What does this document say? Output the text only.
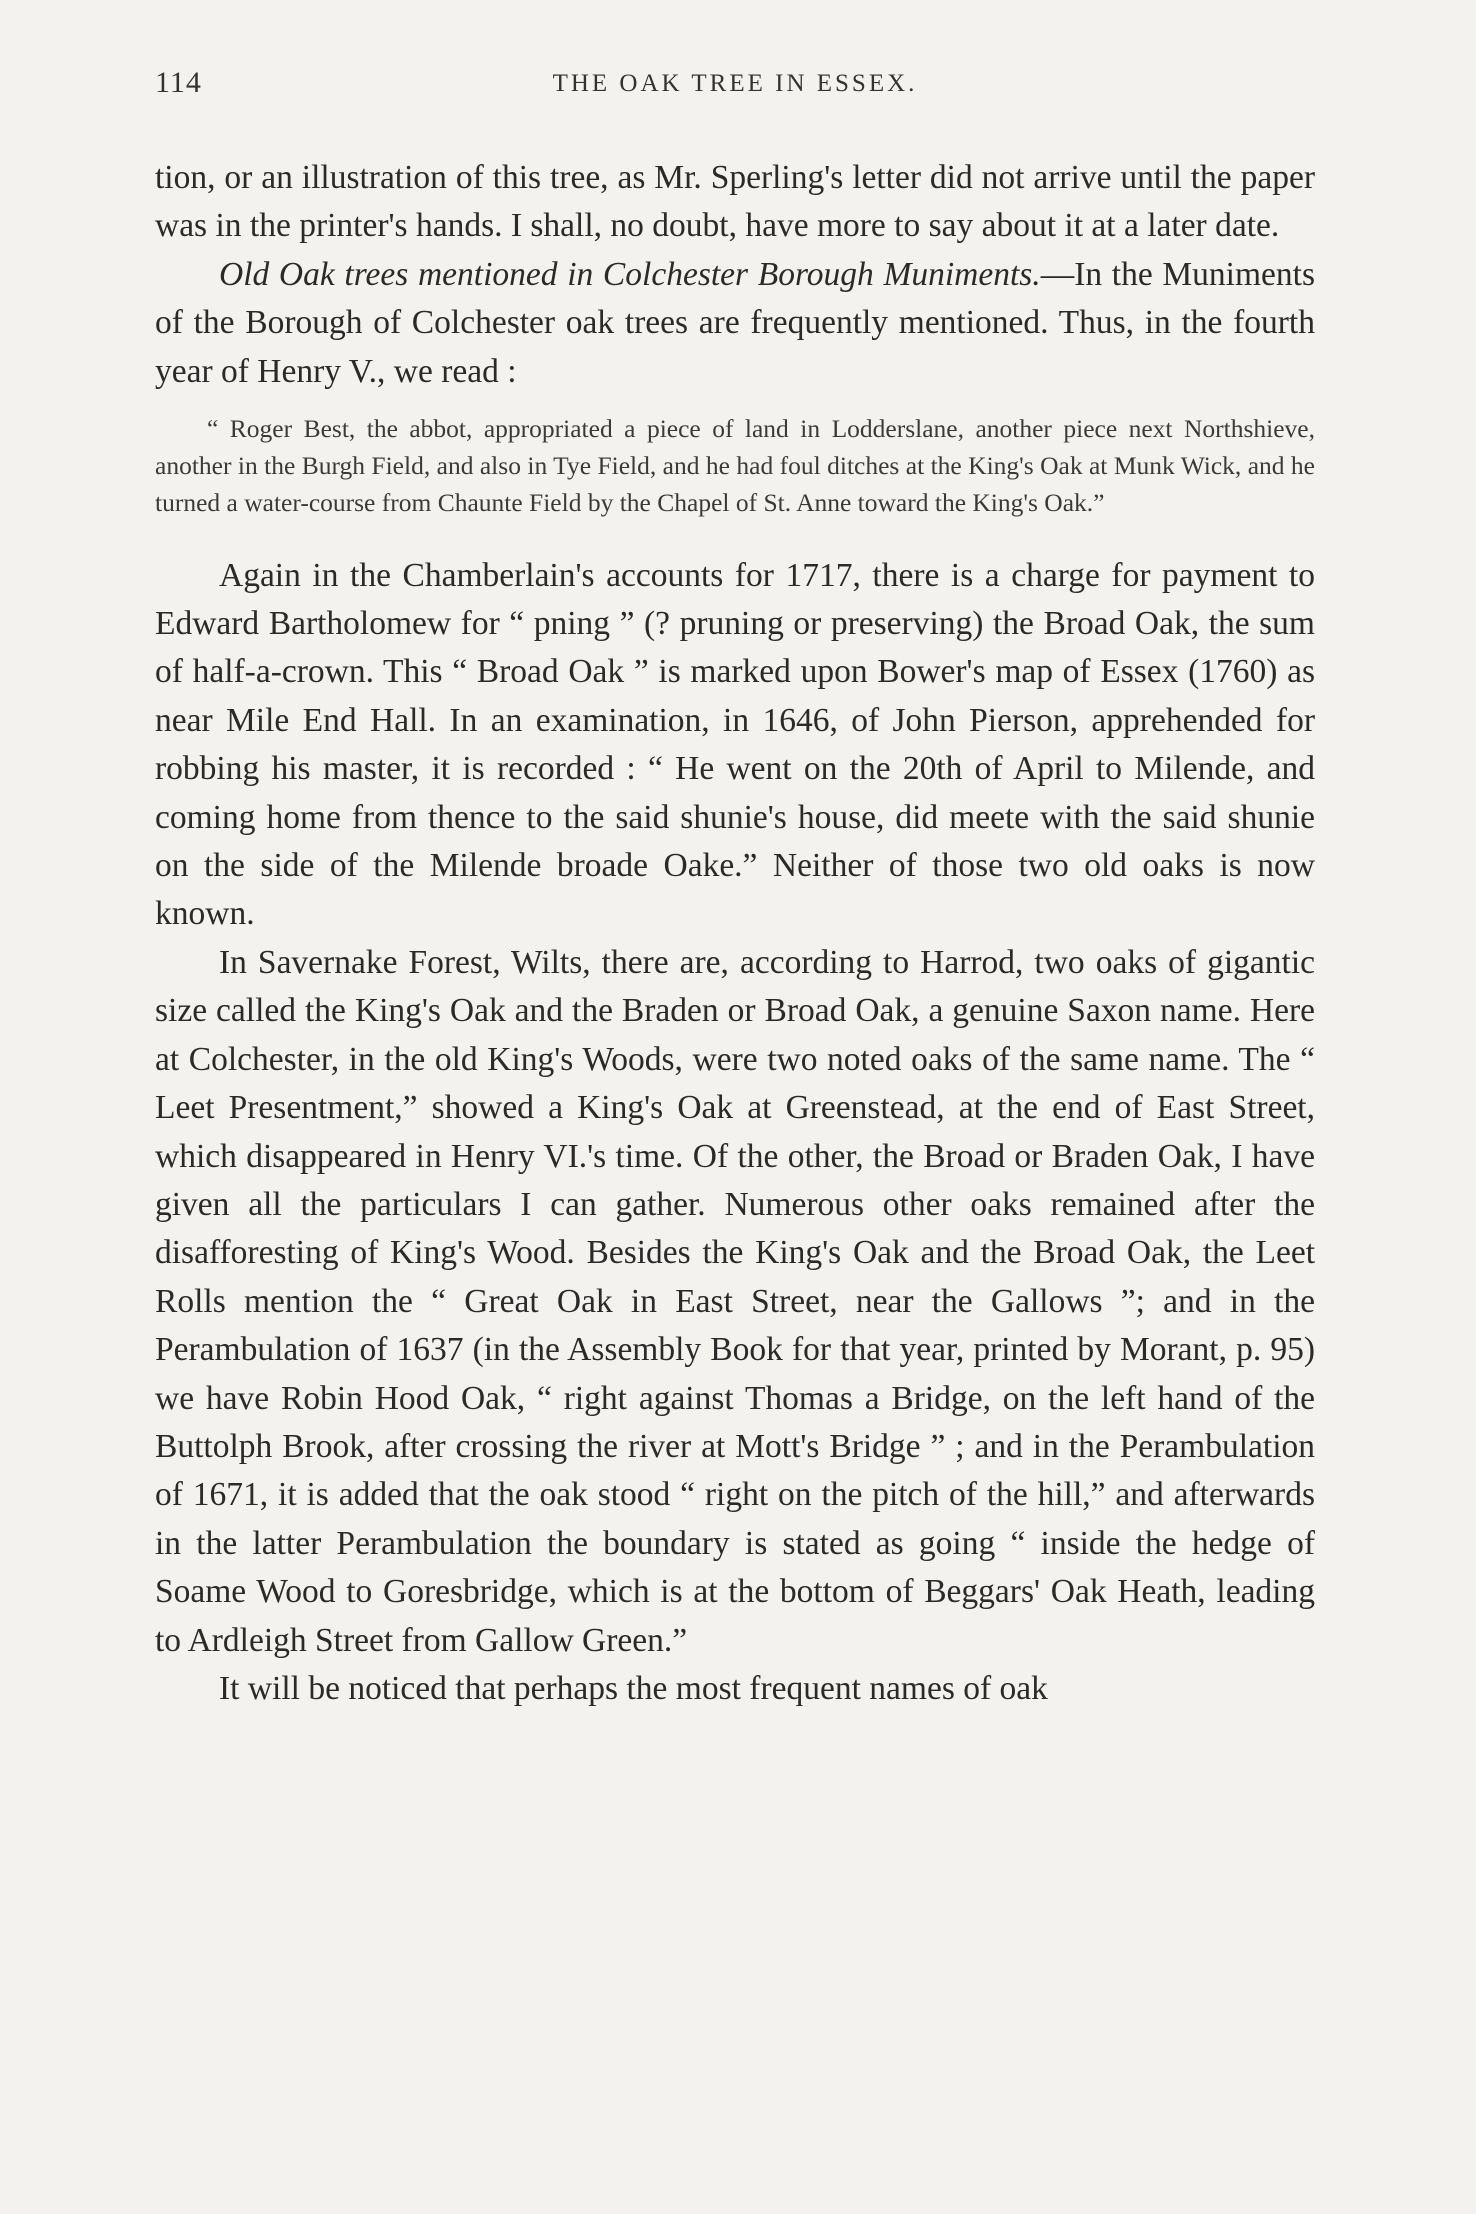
114	THE OAK TREE IN ESSEX.

tion, or an illustration of this tree, as Mr. Sperling's letter did not arrive until the paper was in the printer's hands. I shall, no doubt, have more to say about it at a later date.

Old Oak trees mentioned in Colchester Borough Muniments.—In the Muniments of the Borough of Colchester oak trees are frequently mentioned. Thus, in the fourth year of Henry V., we read :

“ Roger Best, the abbot, appropriated a piece of land in Lodderslane, another piece next Northshieve, another in the Burgh Field, and also in Tye Field, and he had foul ditches at the King's Oak at Munk Wick, and he turned a water-course from Chaunte Field by the Chapel of St. Anne toward the King's Oak.”

Again in the Chamberlain's accounts for 1717, there is a charge for payment to Edward Bartholomew for “ pning ” (? pruning or preserving) the Broad Oak, the sum of half-a-crown. This “ Broad Oak ” is marked upon Bower's map of Essex (1760) as near Mile End Hall. In an examination, in 1646, of John Pierson, apprehended for robbing his master, it is recorded : “ He went on the 20th of April to Milende, and coming home from thence to the said shunie's house, did meete with the said shunie on the side of the Milende broade Oake.” Neither of those two old oaks is now known.

In Savernake Forest, Wilts, there are, according to Harrod, two oaks of gigantic size called the King's Oak and the Braden or Broad Oak, a genuine Saxon name. Here at Colchester, in the old King's Woods, were two noted oaks of the same name. The “ Leet Presentment,” showed a King's Oak at Greenstead, at the end of East Street, which disappeared in Henry VI.'s time. Of the other, the Broad or Braden Oak, I have given all the particulars I can gather. Numerous other oaks remained after the disafforesting of King's Wood. Besides the King's Oak and the Broad Oak, the Leet Rolls mention the “ Great Oak in East Street, near the Gallows ”; and in the Perambulation of 1637 (in the Assembly Book for that year, printed by Morant, p. 95) we have Robin Hood Oak, “ right against Thomas a Bridge, on the left hand of the Buttolph Brook, after crossing the river at Mott's Bridge ” ; and in the Perambulation of 1671, it is added that the oak stood “ right on the pitch of the hill,” and afterwards in the latter Perambulation the boundary is stated as going “ inside the hedge of Soame Wood to Goresbridge, which is at the bottom of Beggars' Oak Heath, leading to Ardleigh Street from Gallow Green.”

It will be noticed that perhaps the most frequent names of oak
